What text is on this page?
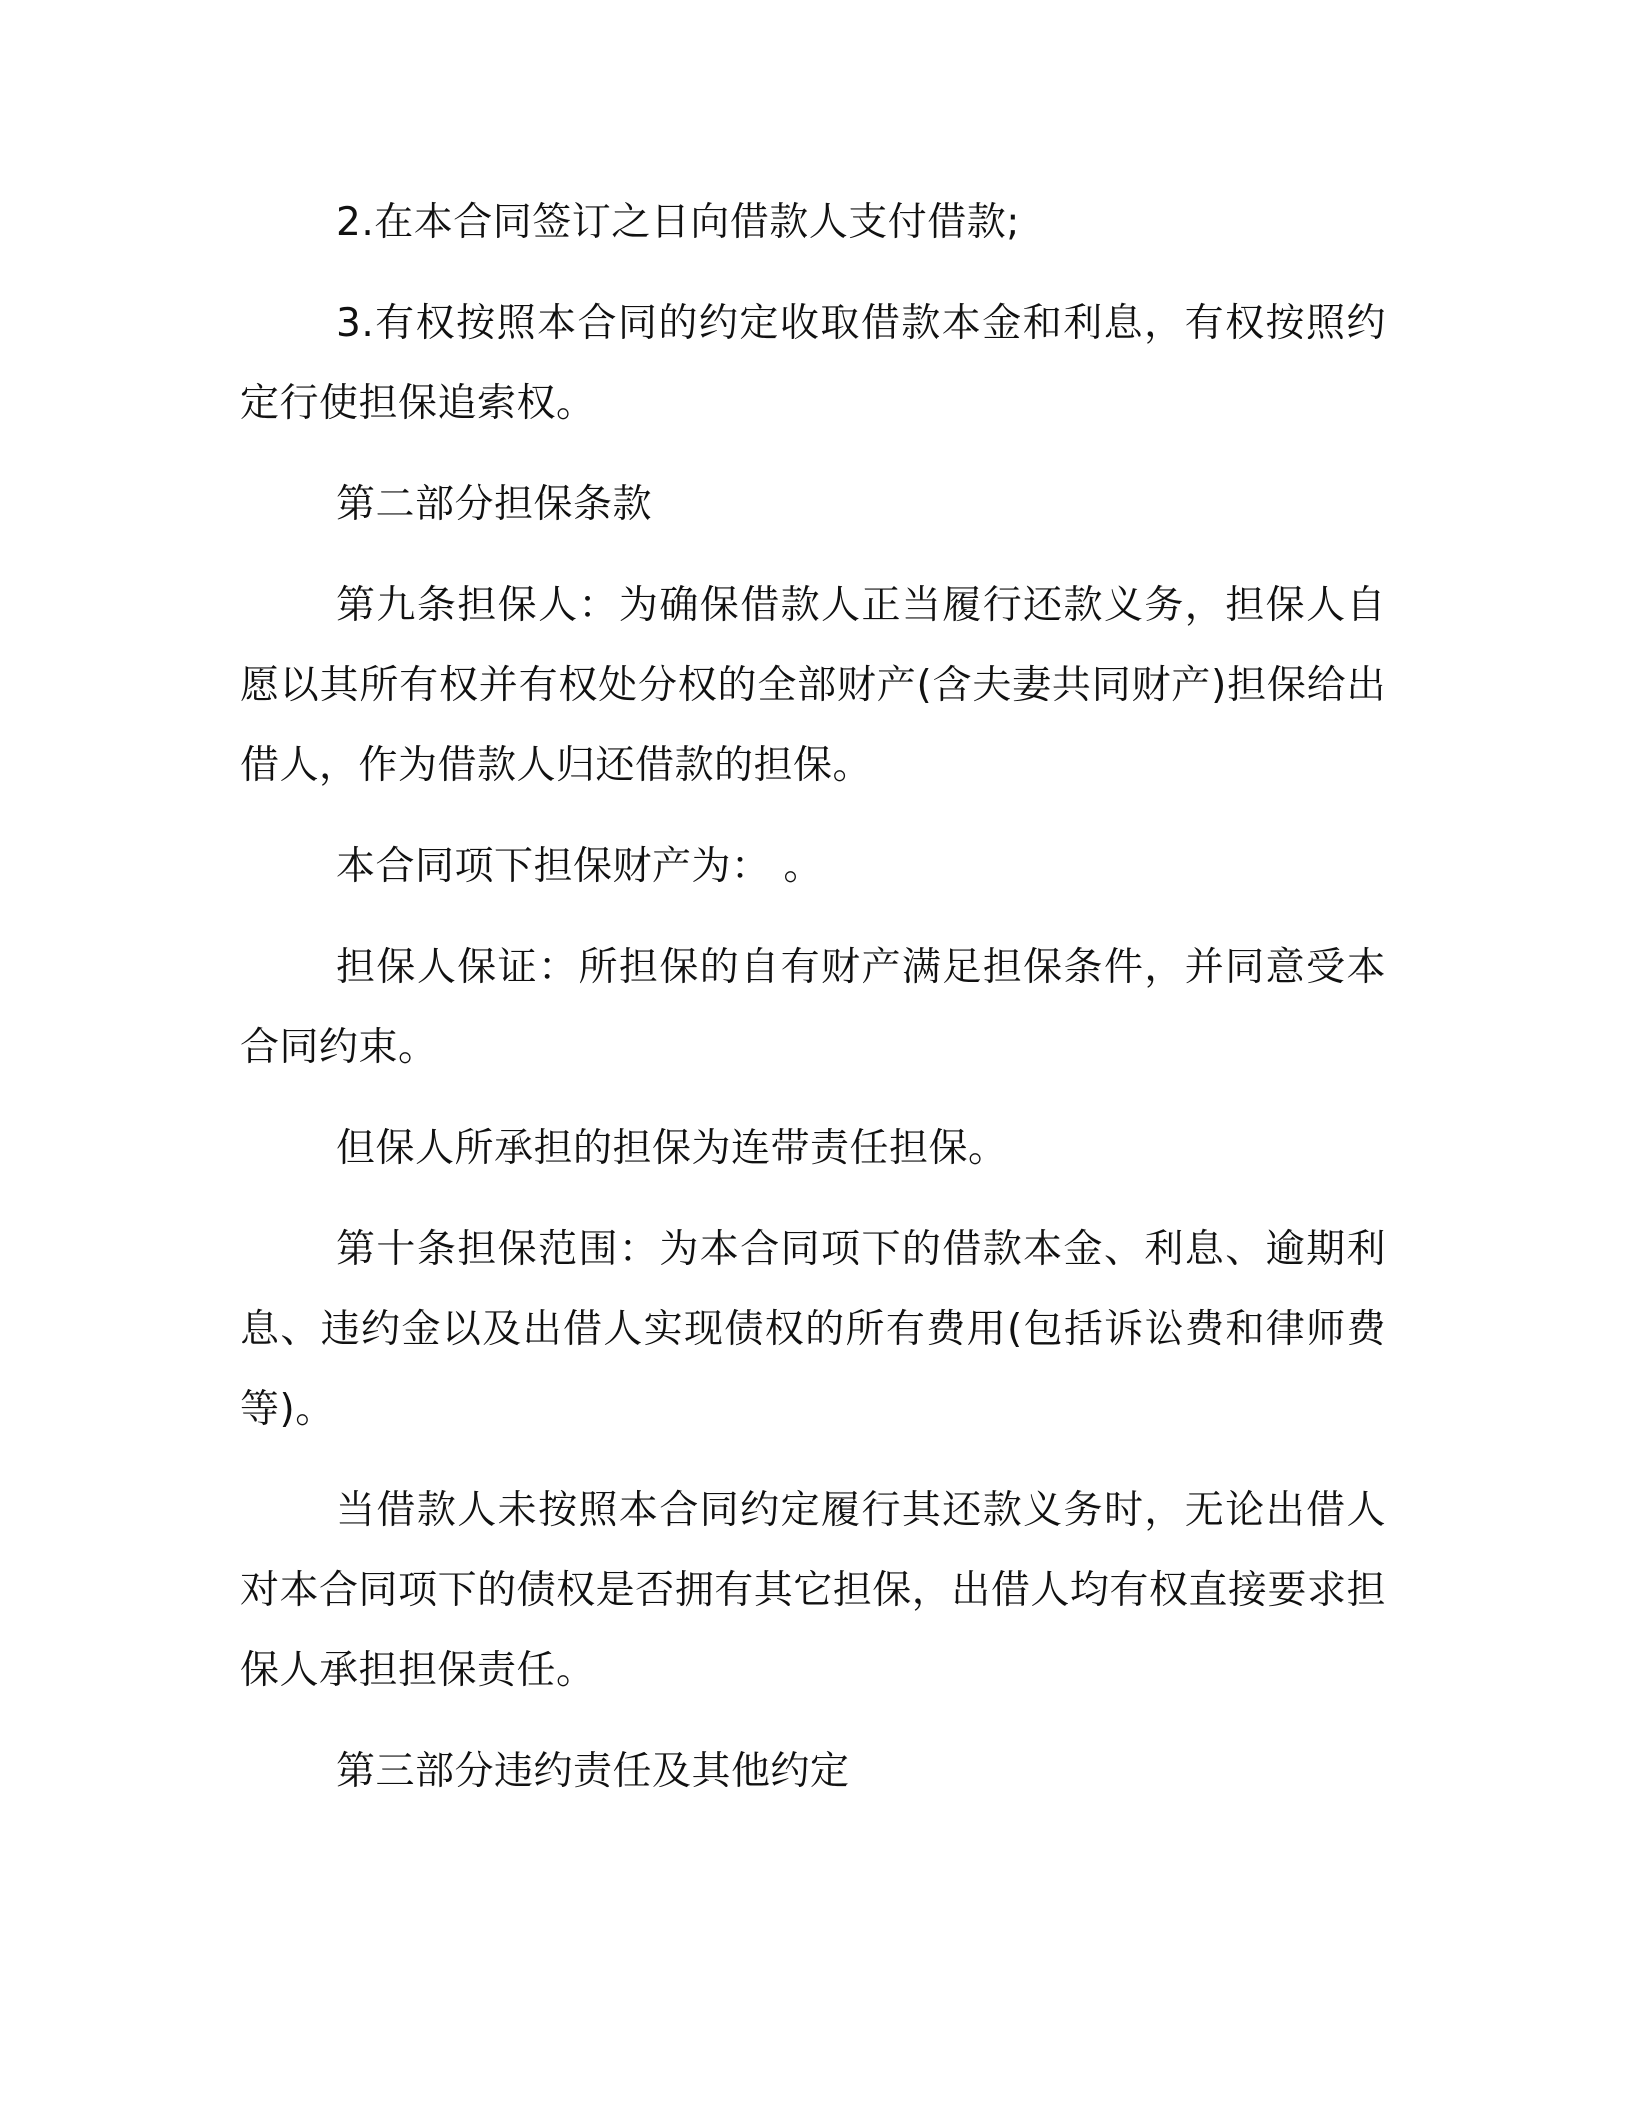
2.在本合同签订之日向借款人支付借款;

3.有权按照本合同的约定收取借款本金和利息，有权按照约定行使担保追索权。

第二部分担保条款

第九条担保人：为确保借款人正当履行还款义务，担保人自愿以其所有权并有权处分权的全部财产(含夫妻共同财产)担保给出借人，作为借款人归还借款的担保。

本合同项下担保财产为： 。

担保人保证：所担保的自有财产满足担保条件，并同意受本合同约束。

但保人所承担的担保为连带责任担保。

第十条担保范围：为本合同项下的借款本金、利息、逾期利息、违约金以及出借人实现债权的所有费用(包括诉讼费和律师费等)。

当借款人未按照本合同约定履行其还款义务时，无论出借人对本合同项下的债权是否拥有其它担保，出借人均有权直接要求担保人承担担保责任。

第三部分违约责任及其他约定
